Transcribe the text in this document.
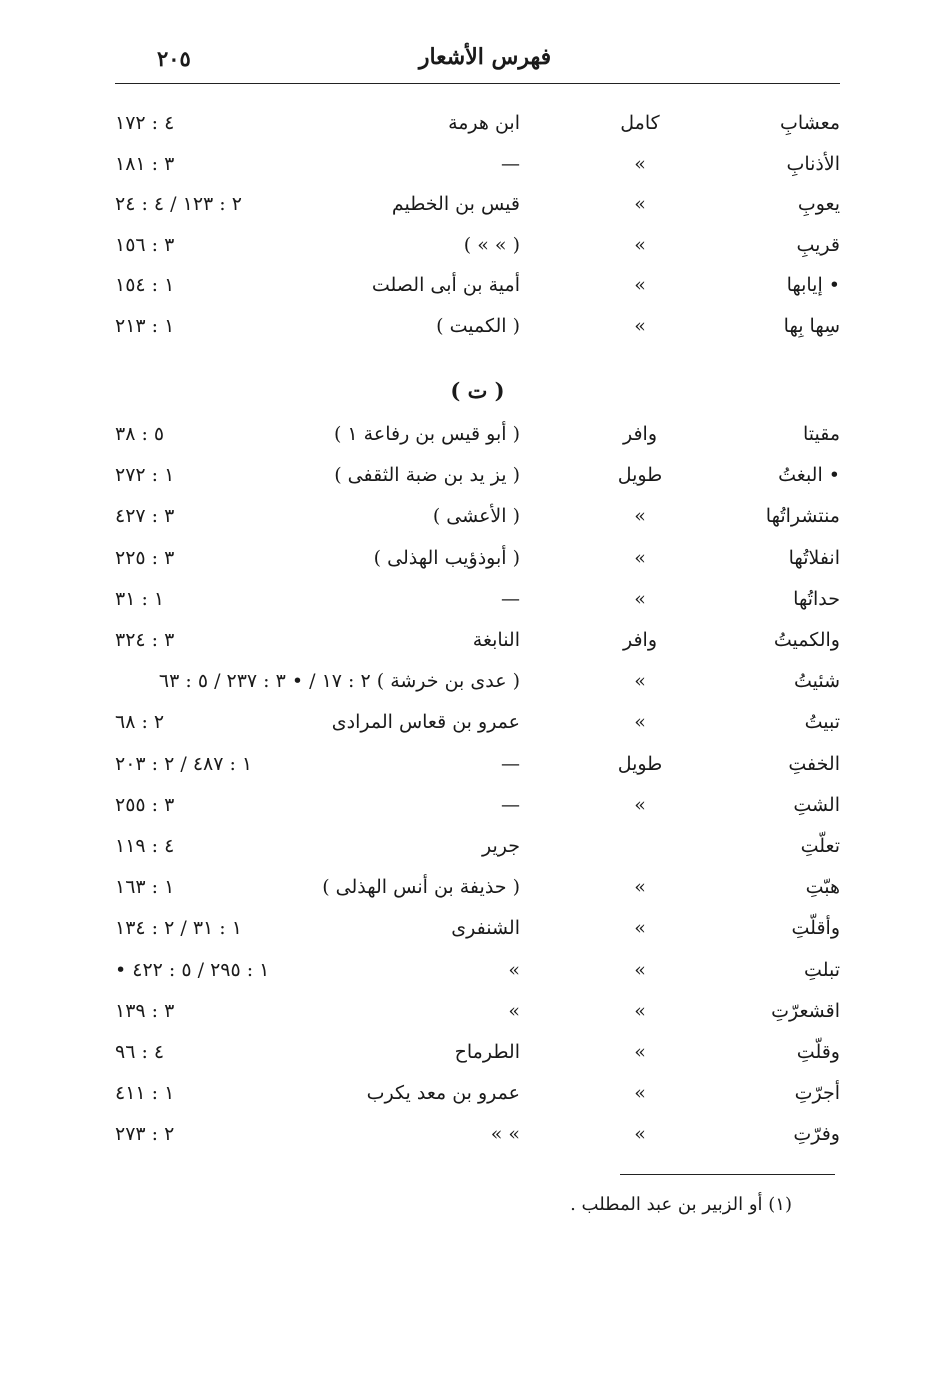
٢٠٥	فهرس الأشعار
معشابِ
كامل
ابن هرمة
٤ : ١٧٢
الأذنابِ
»
—
٣ : ١٨١
يعوبِ
»
قيس بن الخطيم
٢ : ١٢٣ / ٤ : ٢٤
قريبِ
»
( » » )
٣ : ١٥٦
• إيابها
»
أمية بن أبى الصلت
١ : ١٥٤
سِها بِها
»
( الكميت )
١ : ٢١٣
( ت )
مقيتا
وافر
( أبو قيس بن رفاعة ١ )
٥ : ٣٨
• البغتُ
طويل
( يز يد بن ضبة الثقفى )
١ : ٢٧٢
منتشراتُها
»
( الأعشى )
٣ : ٤٢٧
انفلاتُها
»
( أبوذؤيب الهذلى )
٣ : ٢٢٥
حداتُها
»
—
١ : ٣١
والكميتُ
وافر
النابغة
٣ : ٣٢٤
شئيتُ
»
( عدى بن خرشة ) ٢ : ١٧ / • ٣ : ٢٣٧ / ٥ : ٦٣
تبيتُ
»
عمرو بن قعاس المرادى
٢ : ٦٨
الخفتِ
طويل
—
١ : ٤٨٧ / ٢ : ٢٠٣
الشتِ
»
—
٣ : ٢٥٥
تعلّتِ
جرير
٤ : ١١٩
هبّتِ
»
( حذيفة بن أنس الهذلى )
١ : ١٦٣
وأقلّتِ
»
الشنفرى
١ : ٣١ / ٢ : ١٣٤
تبلتِ
»
»
• ١ : ٢٩٥ / ٥ : ٤٢٢
اقشعرّتِ
»
»
٣ : ١٣٩
وقلّتِ
»
الطرماح
٤ : ٩٦
أجرّتِ
»
عمرو بن معد يكرب
١ : ٤١١
وفرّتِ
»
» »
٢ : ٢٧٣
(١) أو الزبير بن عبد المطلب .
